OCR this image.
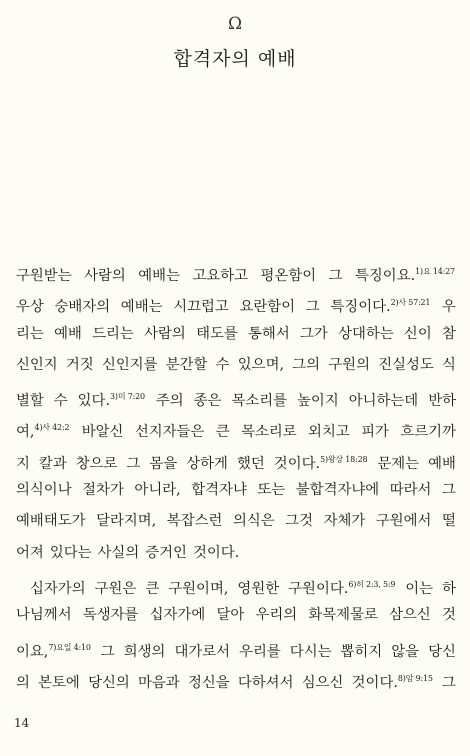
Ω
합격자의 예배
구원받는 사람의 예배는 고요하고 평온함이 그 특징이요.$^{1)요 14:27}$
우상 숭배자의 예배는 시끄럽고 요란함이 그 특징이다.$^{2)사 57:21}$ 우
리는 예배 드리는 사람의 태도를 통해서 그가 상대하는 신이 참
신인지 거짓 신인지를 분간할 수 있으며, 그의 구원의 진실성도 식
별할 수 있다.$^{3)미 7:20}$ 주의 종은 목소리를 높이지 아니하는데 반하
여,$^{4)사 42:2}$ 바알신 선지자들은 큰 목소리로 외치고 피가 흐르기까
지 칼과 창으로 그 몸을 상하게 했던 것이다.$^{5)왕상 18:28}$ 문제는 예배
의식이나 절차가 아니라, 합격자냐 또는 불합격자냐에 따라서 그
예배태도가 달라지며, 복잡스런 의식은 그것 자체가 구원에서 떨
어져 있다는 사실의 증거인 것이다.
십자가의 구원은 큰 구원이며, 영원한 구원이다.$^{6)히 2:3, 5:9}$ 이는 하
나님께서 독생자를 십자가에 달아 우리의 화목제물로 삼으신 것
이요,$^{7)요일 4:10}$ 그 희생의 대가로서 우리를 다시는 뽑히지 않을 당신
의 본토에 당신의 마음과 정신을 다하셔서 심으신 것이다.$^{8)암 9:15}$ 그
14
